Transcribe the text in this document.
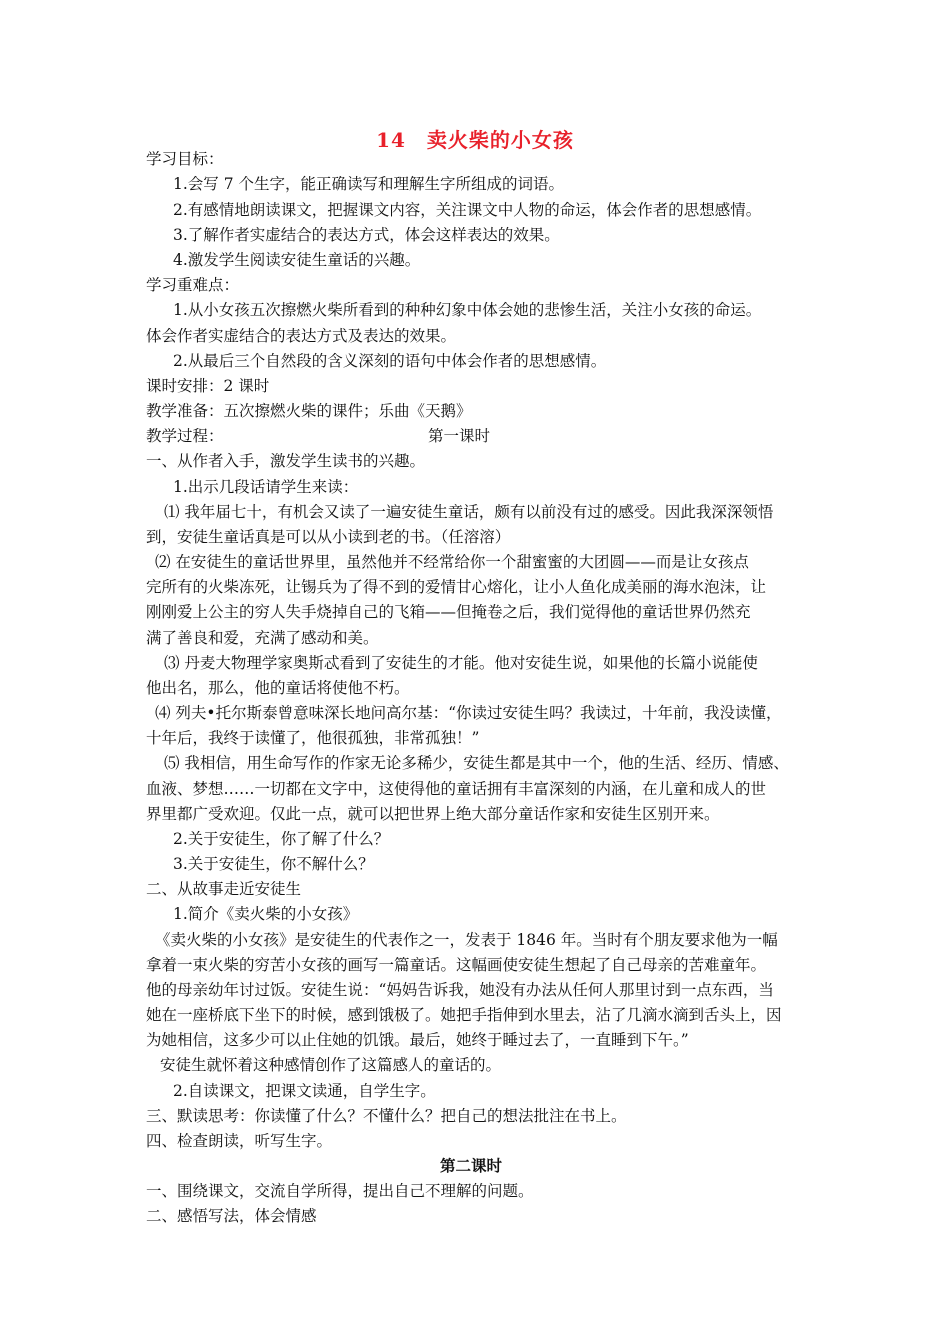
14　卖火柴的小女孩
学习目标：
1.会写 7 个生字，能正确读写和理解生字所组成的词语。
2.有感情地朗读课文，把握课文内容，关注课文中人物的命运，体会作者的思想感情。
3.了解作者实虚结合的表达方式，体会这样表达的效果。
4.激发学生阅读安徒生童话的兴趣。
学习重难点：
1.从小女孩五次擦燃火柴所看到的种种幻象中体会她的悲惨生活，关注小女孩的命运。
体会作者实虚结合的表达方式及表达的效果。
2.从最后三个自然段的含义深刻的语句中体会作者的思想感情。
课时安排：2 课时
教学准备：五次擦燃火柴的课件；乐曲《天鹅》
教学过程：	第一课时
一、从作者入手，激发学生读书的兴趣。
1.出示几段话请学生来读：
⑴ 我年届七十，有机会又读了一遍安徒生童话，颇有以前没有过的感受。因此我深深领悟
到，安徒生童话真是可以从小读到老的书。（任溶溶）
⑵ 在安徒生的童话世界里，虽然他并不经常给你一个甜蜜蜜的大团圆——而是让女孩点
完所有的火柴冻死，让锡兵为了得不到的爱情甘心熔化，让小人鱼化成美丽的海水泡沫，让
刚刚爱上公主的穷人失手烧掉自己的飞箱——但掩卷之后，我们觉得他的童话世界仍然充
满了善良和爱，充满了感动和美。
⑶ 丹麦大物理学家奥斯忒看到了安徒生的才能。他对安徒生说，如果他的长篇小说能使
他出名，那么，他的童话将使他不朽。
⑷ 列夫•托尔斯泰曾意味深长地问高尔基：“你读过安徒生吗？我读过，十年前，我没读懂，
十年后，我终于读懂了，他很孤独，非常孤独！”
⑸ 我相信，用生命写作的作家无论多稀少，安徒生都是其中一个，他的生活、经历、情感、
血液、梦想……一切都在文字中，这使得他的童话拥有丰富深刻的内涵，在儿童和成人的世
界里都广受欢迎。仅此一点，就可以把世界上绝大部分童话作家和安徒生区别开来。
2.关于安徒生，你了解了什么？
3.关于安徒生，你不解什么？
二、从故事走近安徒生
1.简介《卖火柴的小女孩》
《卖火柴的小女孩》是安徒生的代表作之一，发表于 1846 年。当时有个朋友要求他为一幅
拿着一束火柴的穷苦小女孩的画写一篇童话。这幅画使安徒生想起了自己母亲的苦难童年。
他的母亲幼年讨过饭。安徒生说：“妈妈告诉我，她没有办法从任何人那里讨到一点东西，当
她在一座桥底下坐下的时候，感到饿极了。她把手指伸到水里去，沾了几滴水滴到舌头上，因
为她相信，这多少可以止住她的饥饿。最后，她终于睡过去了，一直睡到下午。”
安徒生就怀着这种感情创作了这篇感人的童话的。
2.自读课文，把课文读通，自学生字。
三、默读思考：你读懂了什么？不懂什么？把自己的想法批注在书上。
四、检查朗读，听写生字。
第二课时
一、围绕课文，交流自学所得，提出自己不理解的问题。
二、感悟写法，体会情感
